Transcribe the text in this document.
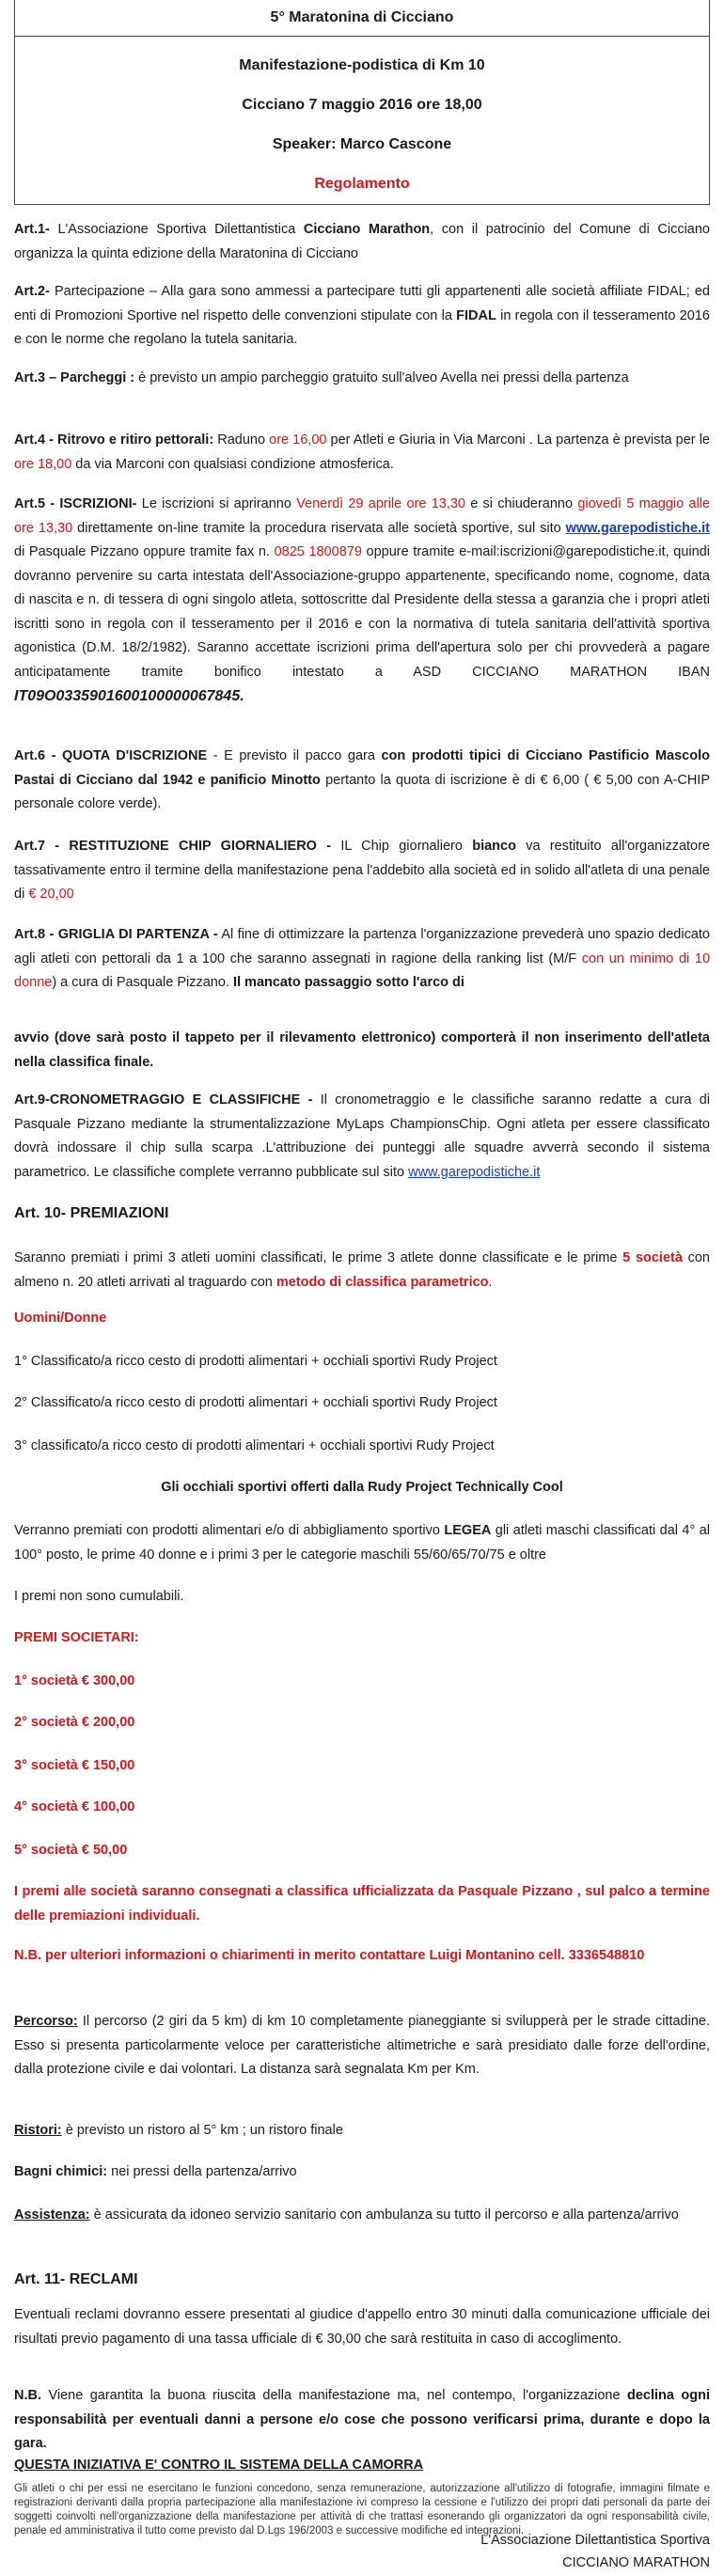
5° Maratonina di Cicciano
Manifestazione-podistica di Km 10
Cicciano 7 maggio 2016 ore 18,00
Speaker: Marco Cascone
Regolamento
Art.1- L'Associazione Sportiva Dilettantistica Cicciano Marathon, con il patrocinio del Comune di Cicciano organizza la quinta edizione della Maratonina di Cicciano
Art.2- Partecipazione – Alla gara sono ammessi a partecipare tutti gli appartenenti alle società affiliate FIDAL; ed enti di Promozioni Sportive nel rispetto delle convenzioni stipulate con la FIDAL in regola con il tesseramento 2016 e con le norme che regolano la tutela sanitaria.
Art.3 – Parcheggi : è previsto un ampio parcheggio gratuito sull'alveo Avella nei pressi della partenza
Art.4 - Ritrovo e ritiro pettorali: Raduno ore 16,00 per Atleti e Giuria in Via Marconi . La partenza è prevista per le ore 18,00 da via Marconi con qualsiasi condizione atmosferica.
Art.5 - ISCRIZIONI- Le iscrizioni si apriranno Venerdì 29 aprile ore 13,30 e si chiuderanno giovedì 5 maggio alle ore 13,30 direttamente on-line tramite la procedura riservata alle società sportive, sul sito www.garepodistiche.it di Pasquale Pizzano oppure tramite fax n. 0825 1800879 oppure tramite e-mail:iscrizioni@garepodistiche.it, quindi dovranno pervenire su carta intestata dell'Associazione-gruppo appartenente, specificando nome, cognome, data di nascita e n. di tessera di ogni singolo atleta, sottoscritte dal Presidente della stessa a garanzia che i propri atleti iscritti sono in regola con il tesseramento per il 2016 e con la normativa di tutela sanitaria dell'attività sportiva agonistica (D.M. 18/2/1982). Saranno accettate iscrizioni prima dell'apertura solo per chi provvederà a pagare anticipatamente tramite bonifico intestato a ASD CICCIANO MARATHON IBAN IT09O0335901600100000067845.
Art.6 - QUOTA D'ISCRIZIONE - E previsto il pacco gara con prodotti tipici di Cicciano Pastificio Mascolo Pastai di Cicciano dal 1942 e panificio Minotto pertanto la quota di iscrizione è di € 6,00 ( € 5,00 con A-CHIP personale colore verde).
Art.7 - RESTITUZIONE CHIP GIORNALIERO - IL Chip giornaliero bianco va restituito all'organizzatore tassativamente entro il termine della manifestazione pena l'addebito alla società ed in solido all'atleta di una penale di € 20,00
Art.8 - GRIGLIA DI PARTENZA - Al fine di ottimizzare la partenza l'organizzazione prevederà uno spazio dedicato agli atleti con pettorali da 1 a 100 che saranno assegnati in ragione della ranking list (M/F con un minimo di 10 donne) a cura di Pasquale Pizzano. Il mancato passaggio sotto l'arco di
avvio (dove sarà posto il tappeto per il rilevamento elettronico) comporterà il non inserimento dell'atleta nella classifica finale.
Art.9-CRONOMETRAGGIO E CLASSIFICHE - Il cronometraggio e le classifiche saranno redatte a cura di Pasquale Pizzano mediante la strumentalizzazione MyLaps ChampionsChip. Ogni atleta per essere classificato dovrà indossare il chip sulla scarpa .L'attribuzione dei punteggi alle squadre avverrà secondo il sistema parametrico. Le classifiche complete verranno pubblicate sul sito www.garepodistiche.it
Art. 10- PREMIAZIONI
Saranno premiati i primi 3 atleti uomini classificati, le prime 3 atlete donne classificate e le prime 5 società con almeno n. 20 atleti arrivati al traguardo con metodo di classifica parametrico.
Uomini/Donne
1° Classificato/a ricco cesto di prodotti alimentari + occhiali sportivi Rudy Project
2° Classificato/a ricco cesto di prodotti alimentari + occhiali sportivi Rudy Project
3° classificato/a ricco cesto di prodotti alimentari + occhiali sportivi Rudy Project
Gli occhiali sportivi offerti dalla Rudy Project Technically Cool
Verranno premiati con prodotti alimentari e/o di abbigliamento sportivo LEGEA gli atleti maschi classificati dal 4° al 100° posto, le prime 40 donne e i primi 3 per le categorie maschili 55/60/65/70/75 e oltre
I premi non sono cumulabili.
PREMI SOCIETARI:
1° società € 300,00
2° società € 200,00
3° società € 150,00
4° società € 100,00
5° società € 50,00
I premi alle società saranno consegnati a classifica ufficializzata da Pasquale Pizzano , sul palco a termine delle premiazioni individuali.
N.B. per ulteriori informazioni o chiarimenti in merito contattare Luigi Montanino cell. 3336548810
Percorso: Il percorso (2 giri da 5 km) di km 10 completamente pianeggiante si svilupperà per le strade cittadine. Esso si presenta particolarmente veloce per caratteristiche altimetriche e sarà presidiato dalle forze dell'ordine, dalla protezione civile e dai volontari. La distanza sarà segnalata Km per Km.
Ristori: è previsto un ristoro al 5° km ; un ristoro finale
Bagni chimici: nei pressi della partenza/arrivo
Assistenza: è assicurata da idoneo servizio sanitario con ambulanza su tutto il percorso e alla partenza/arrivo
Art. 11- RECLAMI
Eventuali reclami dovranno essere presentati al giudice d'appello entro 30 minuti dalla comunicazione ufficiale dei risultati previo pagamento di una tassa ufficiale di € 30,00 che sarà restituita in caso di accoglimento.
N.B. Viene garantita la buona riuscita della manifestazione ma, nel contempo, l'organizzazione declina ogni responsabilità per eventuali danni a persone e/o cose che possono verificarsi prima, durante e dopo la gara.
QUESTA INIZIATIVA E' CONTRO IL SISTEMA DELLA CAMORRA
Gli atleti o chi per essi ne esercitano le funzioni concedono, senza remunerazione, autorizzazione all'utilizzo di fotografie, immagini filmate e registrazioni derivanti dalla propria partecipazione alla manifestazione ivi compreso la cessione e l'utilizzo dei propri dati personali da parte dei soggetti coinvolti nell'organizzazione della manifestazione per attività di che trattasi esonerando gli organizzatori da ogni responsabilità civile, penale ed amministrativa il tutto come previsto dal D.Lgs 196/2003 e successive modifiche ed integrazioni.
L'Associazione Dilettantistica Sportiva
CICCIANO MARATHON
